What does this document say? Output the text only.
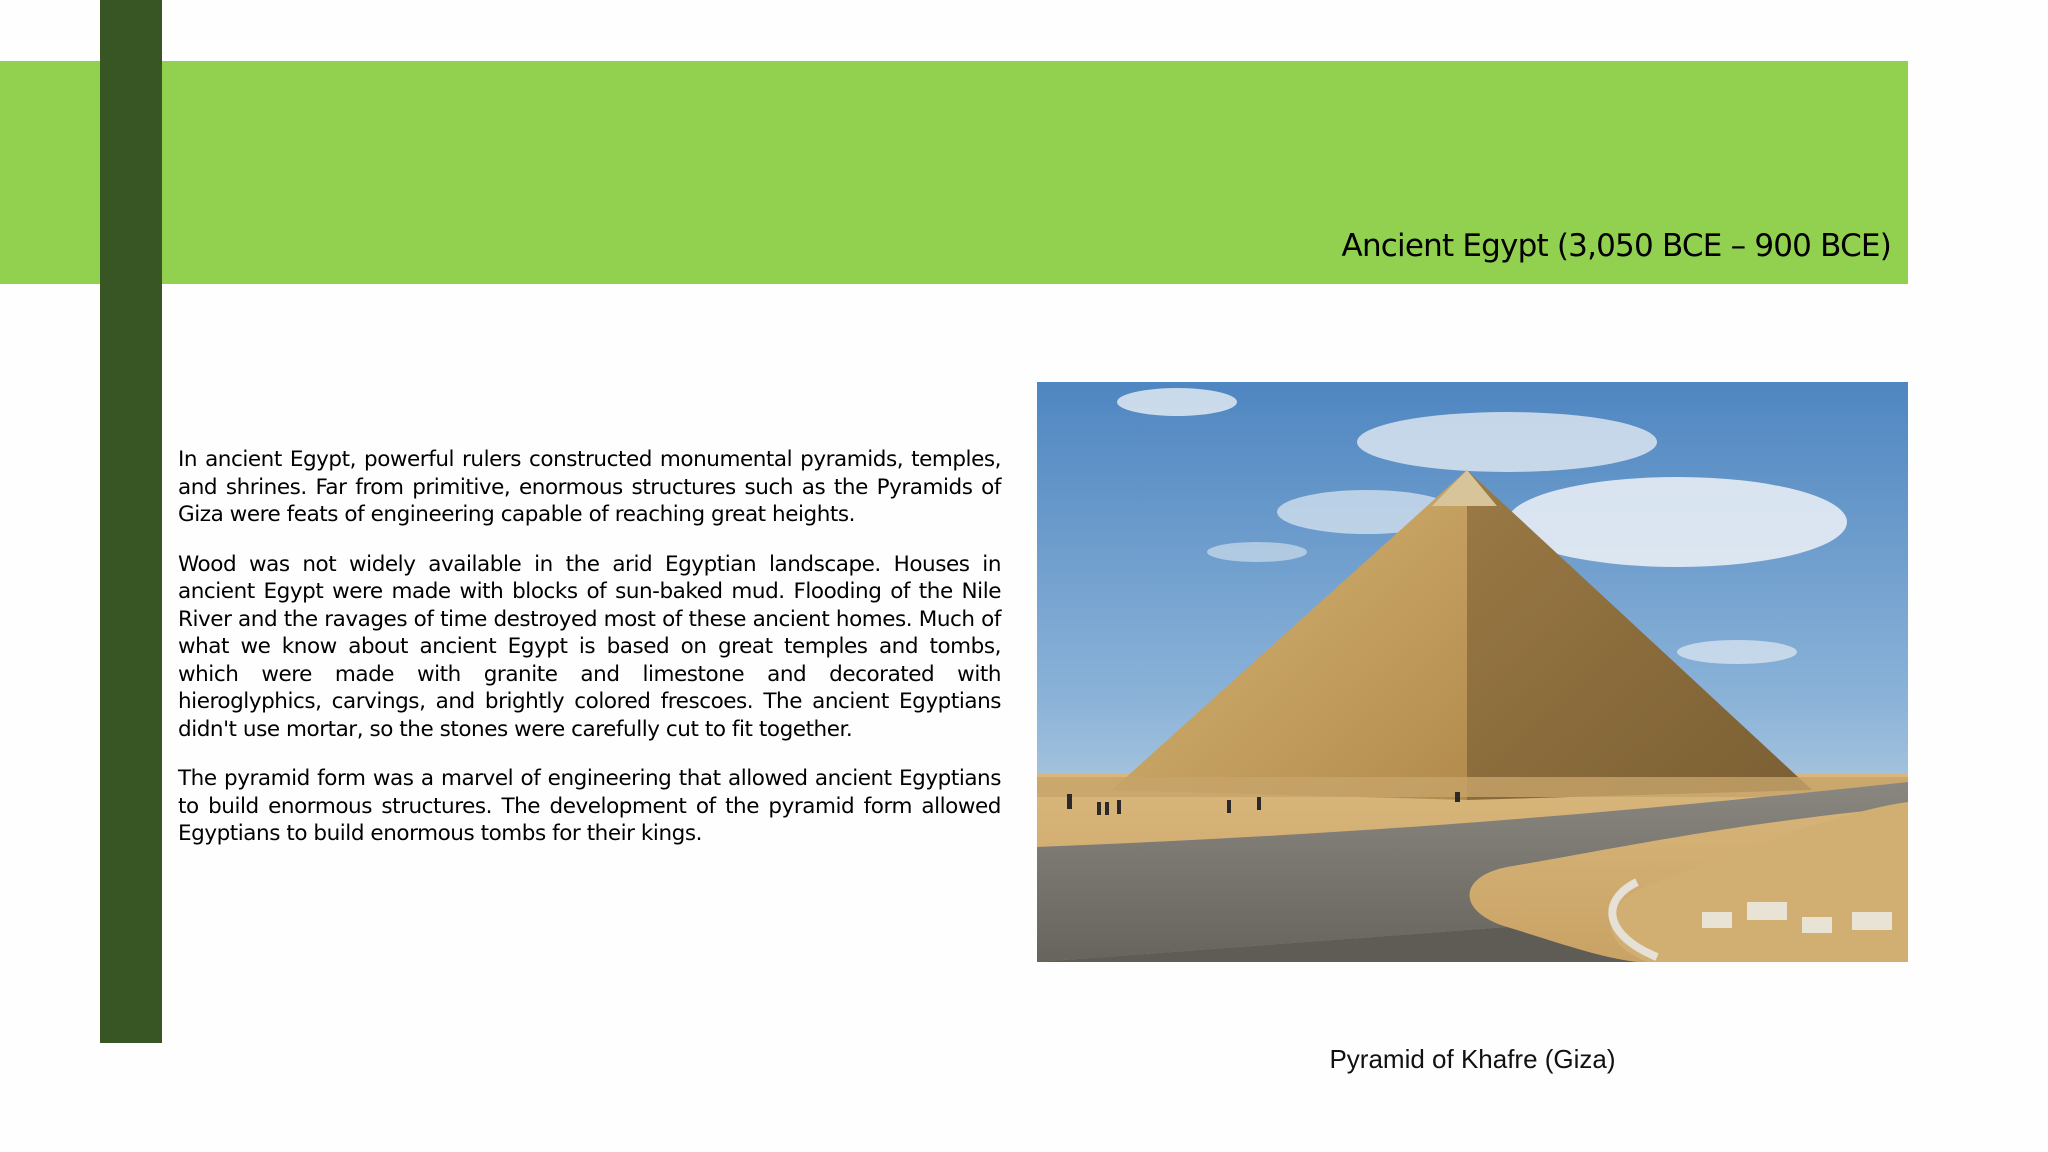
Ancient Egypt (3,050 BCE – 900 BCE)

In ancient Egypt, powerful rulers constructed monumental pyramids, temples, and shrines. Far from primitive, enormous structures such as the Pyramids of Giza were feats of engineering capable of reaching great heights.

Wood was not widely available in the arid Egyptian landscape. Houses in ancient Egypt were made with blocks of sun-baked mud. Flooding of the Nile River and the ravages of time destroyed most of these ancient homes. Much of what we know about ancient Egypt is based on great temples and tombs, which were made with granite and limestone and decorated with hieroglyphics, carvings, and brightly colored frescoes. The ancient Egyptians didn't use mortar, so the stones were carefully cut to fit together.

The pyramid form was a marvel of engineering that allowed ancient Egyptians to build enormous structures. The development of the pyramid form allowed Egyptians to build enormous tombs for their kings.

Pyramid of Khafre (Giza)
